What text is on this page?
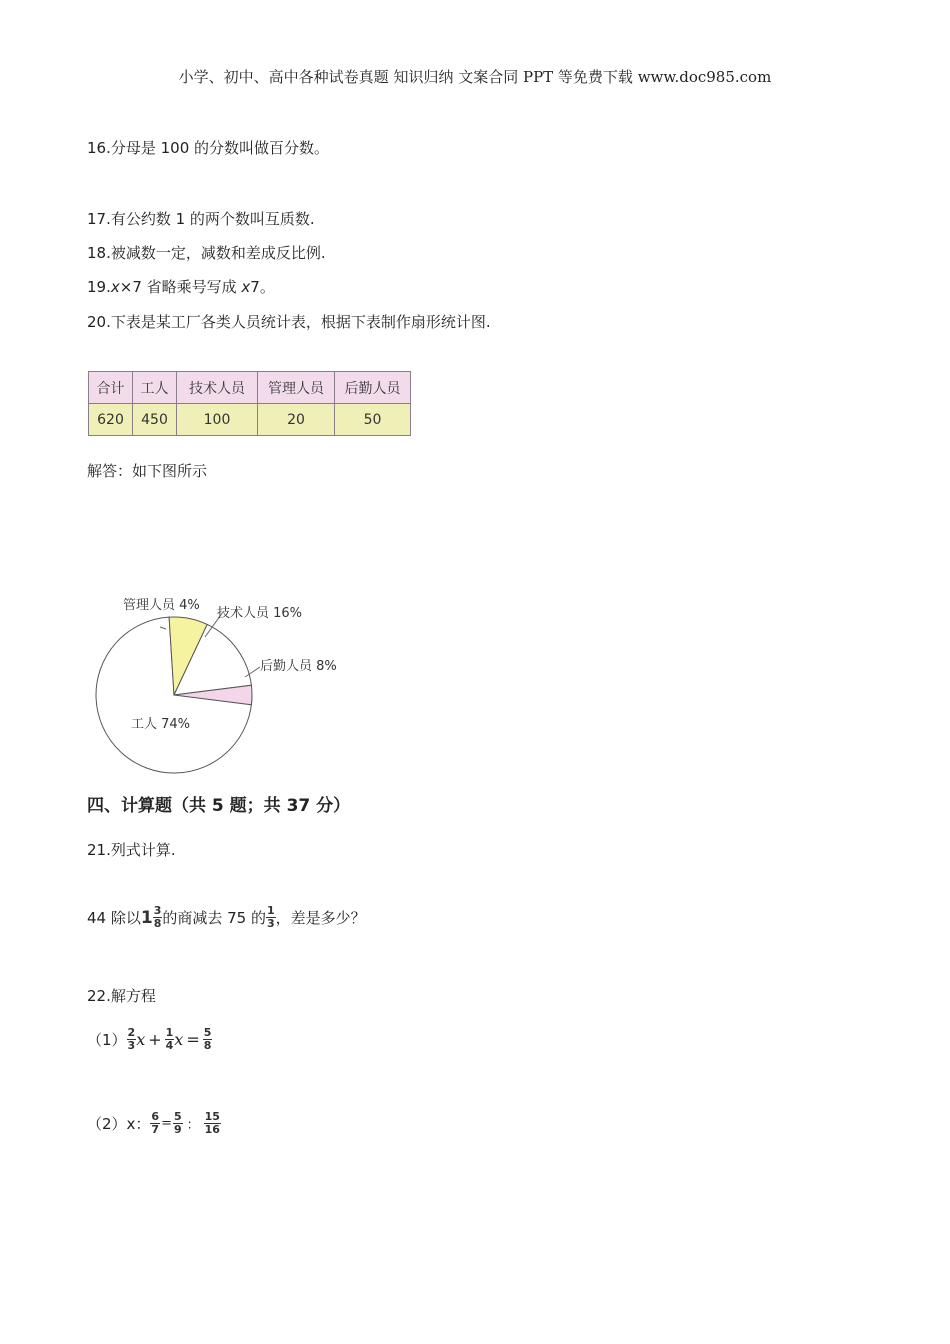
小学、初中、高中各种试卷真题 知识归纳 文案合同 PPT 等免费下载 www.doc985.com
16.分母是 100 的分数叫做百分数。
17.有公约数 1 的两个数叫互质数.
18.被减数一定，减数和差成反比例.
19.x×7 省略乘号写成 x7。
20.下表是某工厂各类人员统计表，根据下表制作扇形统计图.
合计	工人	技术人员	管理人员	后勤人员
620	450	100	20	50
解答：如下图所示
管理人员 4%
技术人员 16%
后勤人员 8%
工人 74%
四、计算题（共 5 题；共 37 分）
21.列式计算.
44 除以 $1 \frac{3}{8}$ 的商减去 75 的 $\frac{1}{3}$ ，差是多少？
22.解方程
$(1) \frac{2}{3}$ $x + \frac{1}{4}$ $x = \frac{5}{8}$
（2）x： $\frac{6}{7} = \frac{5}{9}$ ： $\frac{15}{16}$
